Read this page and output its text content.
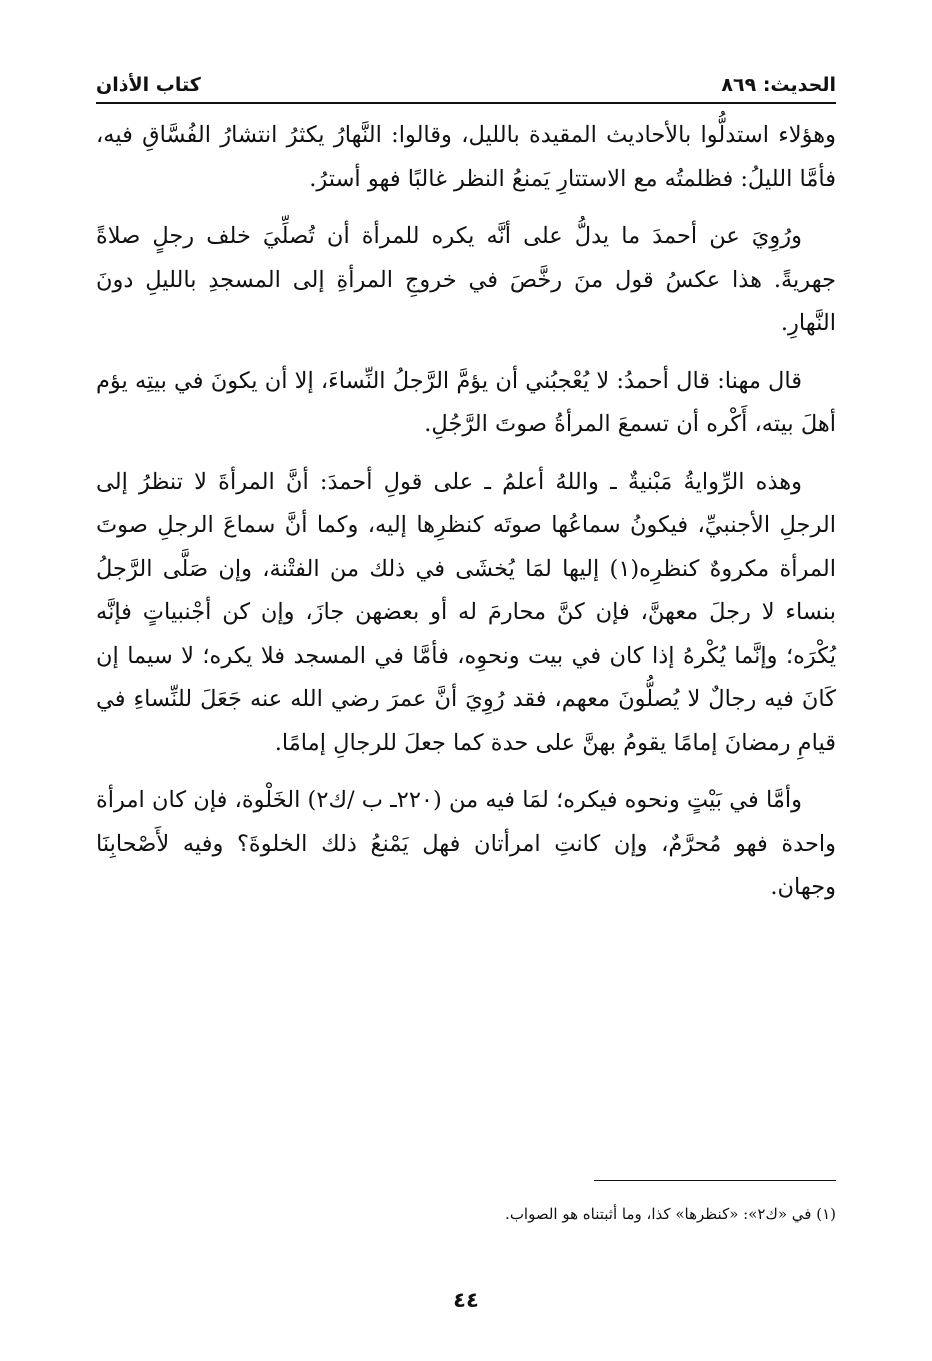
الحديث: ٨٦٩
كتاب الأذان

وهؤلاء استدلُّوا بالأحاديث المقيدة بالليل، وقالوا: النَّهارُ يكثرُ انتشارُ الفُسَّاقِ فيه، فأمَّا الليلُ: فظلمتُه مع الاستتارِ يَمنعُ النظر غالبًا فهو أسترُ.

ورُوِيَ عن أحمدَ ما يدلُّ على أنَّه يكره للمرأة أن تُصلِّيَ خلف رجلٍ صلاةً جهريةً. هذا عكسُ قول منَ رخَّصَ في خروجِ المرأةِ إلى المسجدِ بالليلِ دونَ النَّهارِ.

قال مهنا: قال أحمدُ: لا يُعْجبُني أن يؤمَّ الرَّجلُ النِّساءَ، إلا أن يكونَ في بيتِه يؤم أهلَ بيته، أَكْره أن تسمعَ المرأةُ صوتَ الرَّجُلِ.

وهذه الرِّوايةُ مَبْنيةٌ ـ واللهُ أعلمُ ـ على قولِ أحمدَ: أنَّ المرأةَ لا تنظرُ إلى الرجلِ الأجنبيِّ، فيكونُ سماعُها صوتَه كنظرِها إليه، وكما أنَّ سماعَ الرجلِ صوتَ المرأة مكروهٌ كنظرِه(١) إليها لمَا يُخشَى في ذلك من الفتْنة، وإن صَلَّى الرَّجلُ بنساء لا رجلَ معهنَّ، فإن كنَّ محارمَ له أو بعضهن جازَ، وإن كن أجْنبياتٍ فإنَّه يُكْرَه؛ وإنَّما يُكْرهُ إذا كان في بيت ونحوِه، فأمَّا في المسجد فلا يكره؛ لا سيما إن كَانَ فيه رجالٌ لا يُصلُّونَ معهم، فقد رُوِيَ أنَّ عمرَ رضي الله عنه جَعَلَ للنِّساءِ في قيامِ رمضانَ إمامًا يقومُ بهنَّ على حدة كما جعلَ للرجالِ إمامًا.

وأمَّا في بَيْتٍ ونحوه فيكره؛ لمَا فيه من (٢٢٠ـ ب /ك٢) الخَلْوة، فإن كان امرأة واحدة فهو مُحرَّمٌ، وإن كانتِ امرأتان فهل يَمْنعُ ذلك الخلوةَ؟ وفيه لأَصْحابِنَا وجهان.

(١) في «ك٢»: «كنظرها» كذا، وما أثبتناه هو الصواب.
٤٤
